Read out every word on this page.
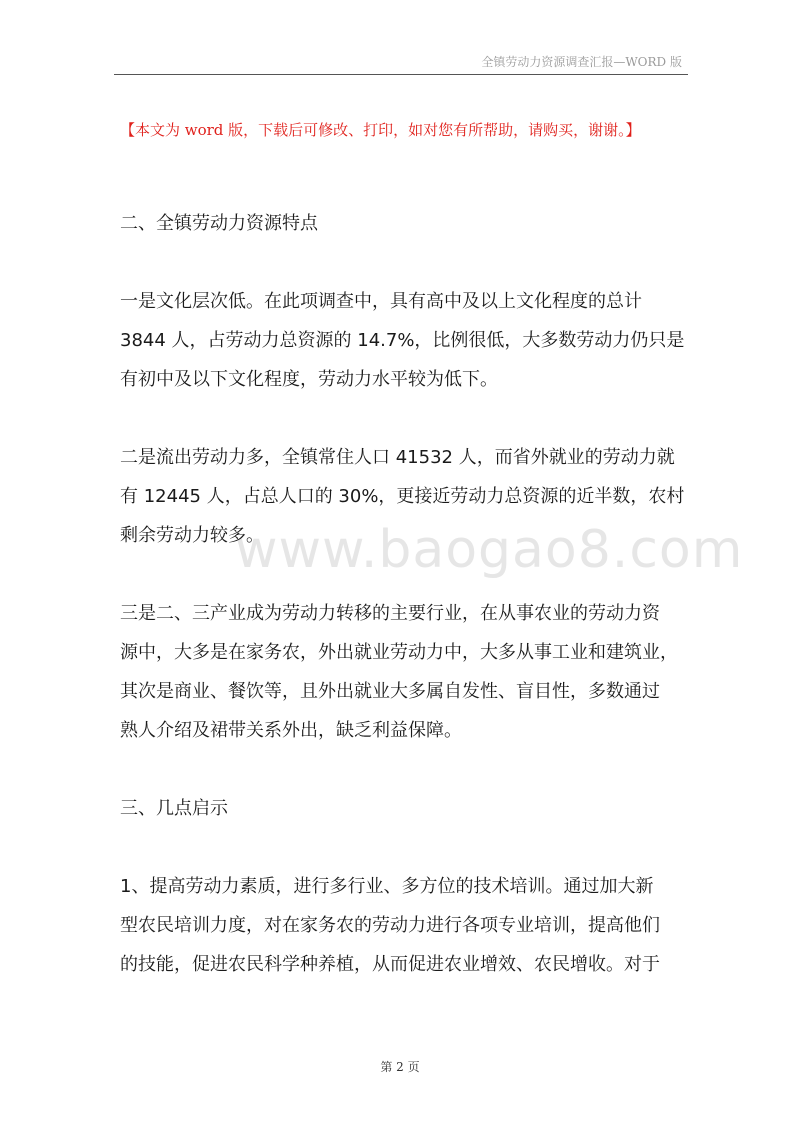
全镇劳动力资源调查汇报—WORD 版
【本文为 word 版，下载后可修改、打印，如对您有所帮助，请购买，谢谢。】
www.baogao8.com

二、全镇劳动力资源特点

一是文化层次低。在此项调查中，具有高中及以上文化程度的总计
3844 人，占劳动力总资源的 14.7%，比例很低，大多数劳动力仍只是
有初中及以下文化程度，劳动力水平较为低下。

二是流出劳动力多，全镇常住人口 41532 人，而省外就业的劳动力就
有 12445 人，占总人口的 30%，更接近劳动力总资源的近半数，农村
剩余劳动力较多。

三是二、三产业成为劳动力转移的主要行业，在从事农业的劳动力资
源中，大多是在家务农，外出就业劳动力中，大多从事工业和建筑业，
其次是商业、餐饮等，且外出就业大多属自发性、盲目性，多数通过
熟人介绍及裙带关系外出，缺乏利益保障。

三、几点启示

1、提高劳动力素质，进行多行业、多方位的技术培训。通过加大新
型农民培训力度，对在家务农的劳动力进行各项专业培训，提高他们
的技能，促进农民科学种养植，从而促进农业增效、农民增收。对于

第 2 页
